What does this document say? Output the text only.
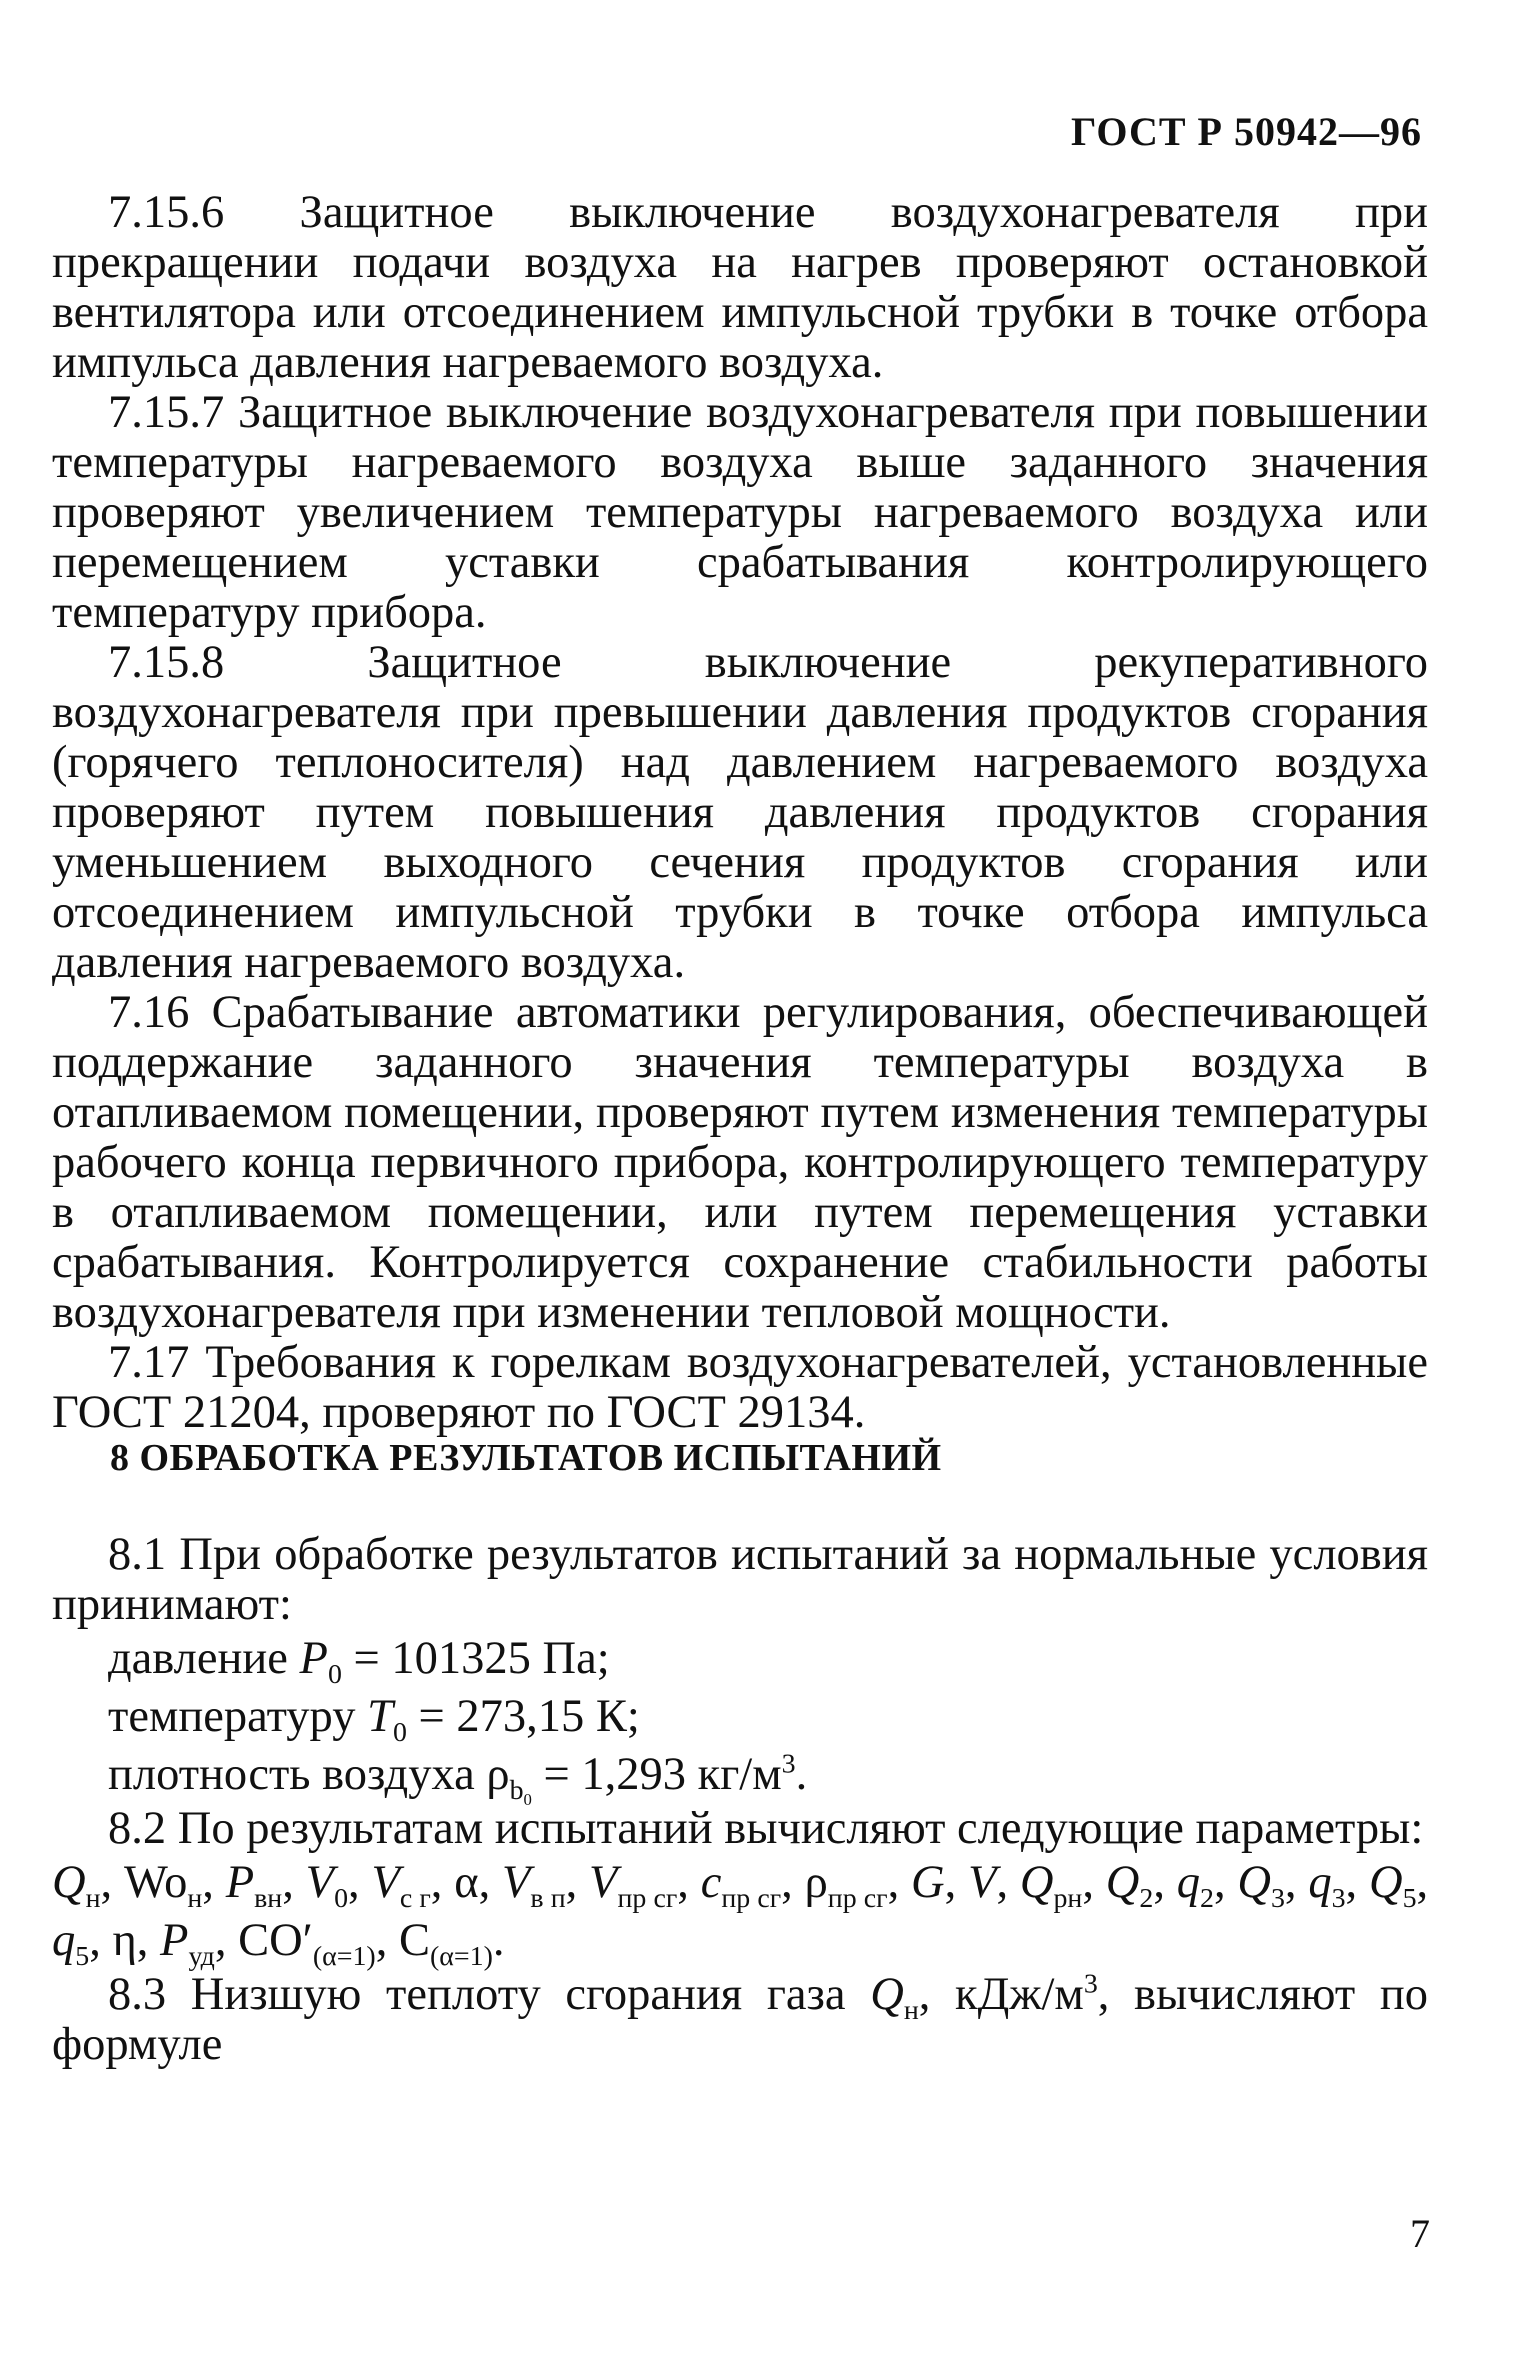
ГОСТ Р 50942—96

7.15.6 Защитное выключение воздухонагревателя при прекращении подачи воздуха на нагрев проверяют остановкой вентилятора или отсоединением импульсной трубки в точке отбора импульса давления нагреваемого воздуха.

7.15.7 Защитное выключение воздухонагревателя при повышении температуры нагреваемого воздуха выше заданного значения проверяют увеличением температуры нагреваемого воздуха или перемещением уставки срабатывания контролирующего температуру прибора.

7.15.8 Защитное выключение рекуперативного воздухонагревателя при превышении давления продуктов сгорания (горячего теплоносителя) над давлением нагреваемого воздуха проверяют путем повышения давления продуктов сгорания уменьшением выходного сечения продуктов сгорания или отсоединением импульсной трубки в точке отбора импульса давления нагреваемого воздуха.

7.16 Срабатывание автоматики регулирования, обеспечивающей поддержание заданного значения температуры воздуха в отапливаемом помещении, проверяют путем изменения температуры рабочего конца первичного прибора, контролирующего температуру в отапливаемом помещении, или путем перемещения уставки срабатывания. Контролируется сохранение стабильности работы воздухонагревателя при изменении тепловой мощности.

7.17 Требования к горелкам воздухонагревателей, установленные ГОСТ 21204, проверяют по ГОСТ 29134.

8 ОБРАБОТКА РЕЗУЛЬТАТОВ ИСПЫТАНИЙ

8.1 При обработке результатов испытаний за нормальные условия принимают:

давление $P_0 = 101325$ Па;

температуру $T_0 = 273,15$ К;

плотность воздуха $\rho_{b_0} = 1,293$ $кг/м^3$.

8.2 По результатам испытаний вычисляют следующие параметры:

$Q_н$, $Wo_н$, $P_{вн}$, $V_0$, $V_{с г}$, α, $V_{в п}$, $V_{пр сг}$, $c_{пр сг}$, $\rho_{пр сг}$, G, V, $Q_{рн}$, $Q_2$, $q_2$, $Q_3$, $q_3$, $Q_5$, $q_5$, η, $P_{уд}$, $CO'_{(\alpha=1)}$, $C_{(\alpha=1)}$.

8.3 Низшую теплоту сгорания газа $Q_н$, кДж/$м^3$, вычисляют по формуле

7
